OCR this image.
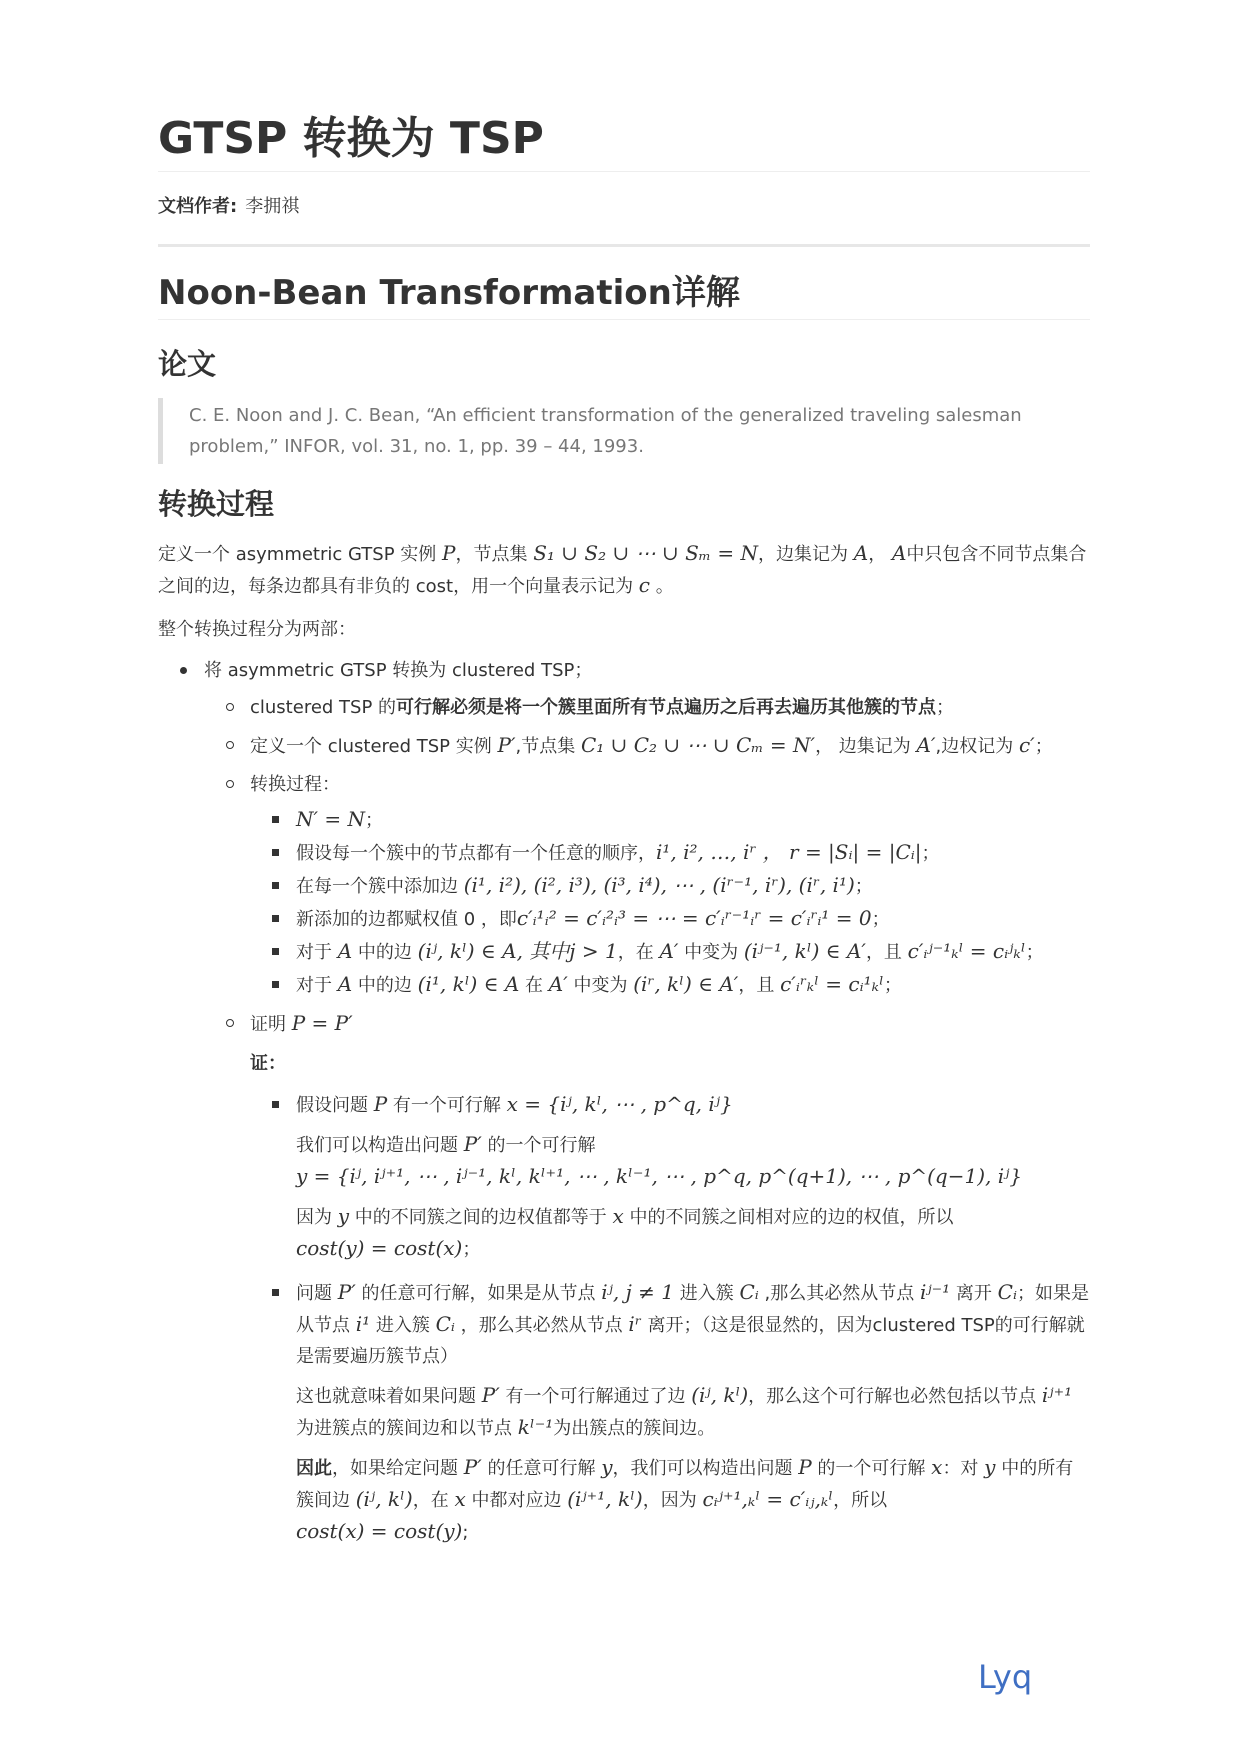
GTSP 转换为 TSP
文档作者: 李拥祺
Noon-Bean Transformation详解
论文
C. E. Noon and J. C. Bean, “An efficient transformation of the generalized traveling salesman problem,” INFOR, vol. 31, no. 1, pp. 39 – 44, 1993.
转换过程

定义一个 asymmetric GTSP 实例 P，节点集 S₁ ∪ S₂ ∪ ⋯ ∪ Sₘ = N，边集记为 A， A中只包含不同节点集合之间的边，每条边都具有非负的 cost，用一个向量表示记为 c 。

整个转换过程分为两部：

将 asymmetric GTSP 转换为 clustered TSP；
clustered TSP 的可行解必须是将一个簇里面所有节点遍历之后再去遍历其他簇的节点；
定义一个 clustered TSP 实例 P′,节点集 C₁ ∪ C₂ ∪ ⋯ ∪ Cₘ = N′， 边集记为 A′,边权记为 c′；
转换过程：
N′ = N；
假设每一个簇中的节点都有一个任意的顺序，i¹, i², …, iʳ ， r = |Sᵢ| = |Cᵢ|；
在每一个簇中添加边 (i¹, i²), (i², i³), (i³, i⁴), ⋯ , (iʳ⁻¹, iʳ), (iʳ, i¹)；
新添加的边都赋权值 0 ，即c′ᵢ¹ᵢ² = c′ᵢ²ᵢ³ = ⋯ = c′ᵢʳ⁻¹ᵢʳ = c′ᵢʳᵢ¹ = 0；
对于 A 中的边 (iʲ, kˡ) ∈ A, 其中j > 1，在 A′ 中变为 (iʲ⁻¹, kˡ) ∈ A′，且 c′ᵢʲ⁻¹ₖˡ = cᵢʲₖˡ；
对于 A 中的边 (i¹, kˡ) ∈ A 在 A′ 中变为 (iʳ, kˡ) ∈ A′，且 c′ᵢʳₖˡ = cᵢ¹ₖˡ；
证明 P = P′
证：
假设问题 P 有一个可行解 x = {iʲ, kˡ, ⋯ , p^q, iʲ}

我们可以构造出问题 P′ 的一个可行解
y = {iʲ, iʲ⁺¹, ⋯ , iʲ⁻¹, kˡ, kˡ⁺¹, ⋯ , kˡ⁻¹, ⋯ , p^q, p^(q+1), ⋯ , p^(q−1), iʲ}

因为 y 中的不同簇之间的边权值都等于 x 中的不同簇之间相对应的边的权值，所以
cost(y) = cost(x)；

问题 P′ 的任意可行解，如果是从节点 iʲ, j ≠ 1 进入簇 Cᵢ ,那么其必然从节点 iʲ⁻¹ 离开 Cᵢ；如果是从节点 i¹ 进入簇 Cᵢ ，那么其必然从节点 iʳ 离开；（这是很显然的，因为clustered TSP的可行解就是需要遍历簇节点）

这也就意味着如果问题 P′ 有一个可行解通过了边 (iʲ, kˡ)，那么这个可行解也必然包括以节点 iʲ⁺¹ 为进簇点的簇间边和以节点 kˡ⁻¹为出簇点的簇间边。

因此，如果给定问题 P′ 的任意可行解 y，我们可以构造出问题 P 的一个可行解 x：对 y 中的所有簇间边 (iʲ, kˡ)，在 x 中都对应边 (iʲ⁺¹, kˡ)，因为 cᵢʲ⁺¹,ₖˡ = c′ᵢⱼ,ₖˡ，所以
cost(x) = cost(y);

Lyq
